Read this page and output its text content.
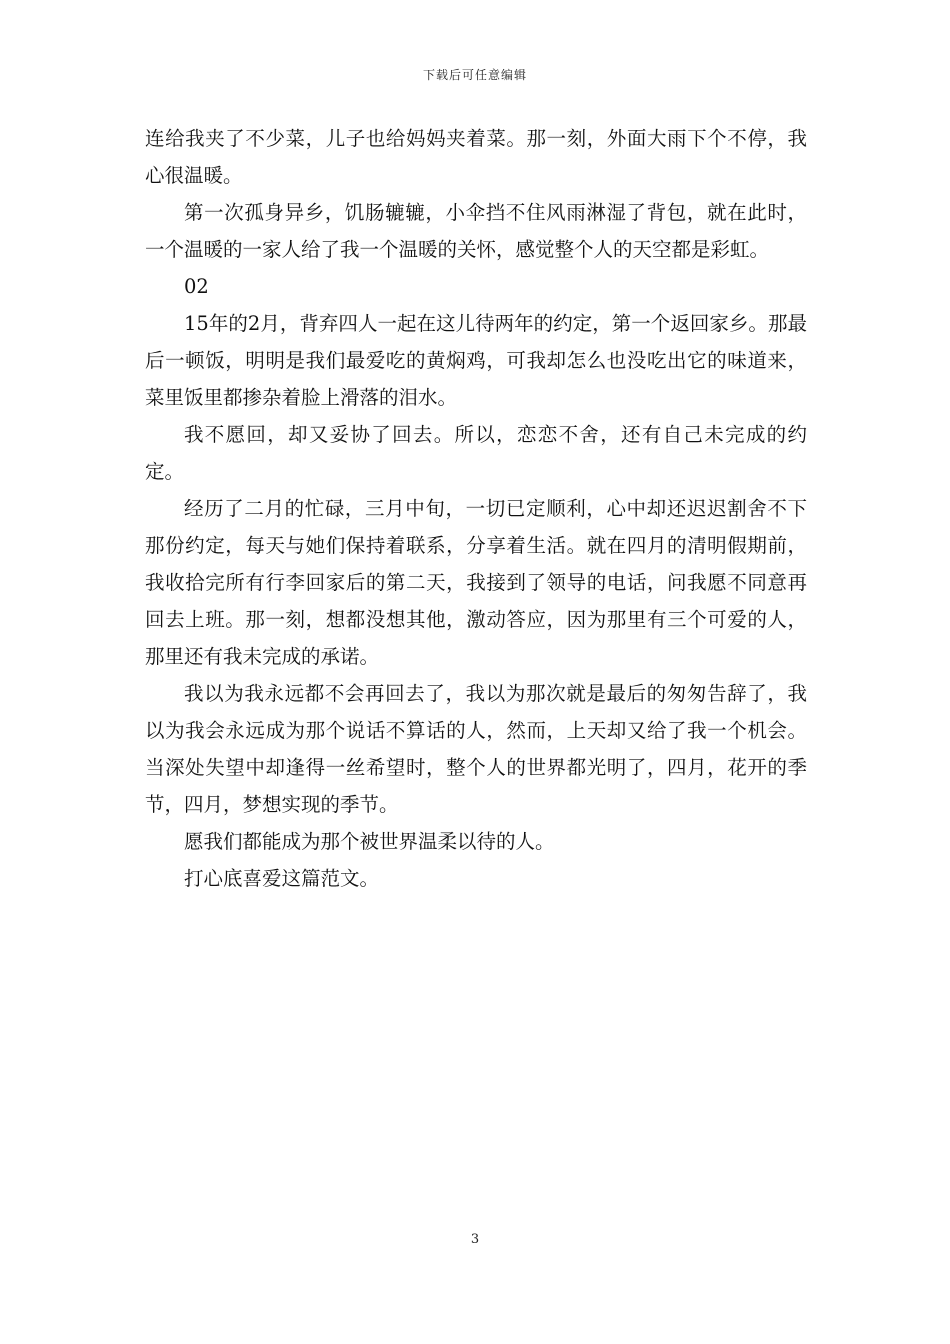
下载后可任意编辑

连给我夹了不少菜，儿子也给妈妈夹着菜。那一刻，外面大雨下个不停，我心很温暖。

第一次孤身异乡，饥肠辘辘，小伞挡不住风雨淋湿了背包，就在此时，一个温暖的一家人给了我一个温暖的关怀，感觉整个人的天空都是彩虹。

02

15年的2月，背弃四人一起在这儿待两年的约定，第一个返回家乡。那最后一顿饭，明明是我们最爱吃的黄焖鸡，可我却怎么也没吃出它的味道来，菜里饭里都掺杂着脸上滑落的泪水。

我不愿回，却又妥协了回去。所以，恋恋不舍，还有自己未完成的约定。

经历了二月的忙碌，三月中旬，一切已定顺利，心中却还迟迟割舍不下那份约定，每天与她们保持着联系，分享着生活。就在四月的清明假期前，我收拾完所有行李回家后的第二天，我接到了领导的电话，问我愿不同意再回去上班。那一刻，想都没想其他，激动答应，因为那里有三个可爱的人，那里还有我未完成的承诺。

我以为我永远都不会再回去了，我以为那次就是最后的匆匆告辞了，我以为我会永远成为那个说话不算话的人，然而，上天却又给了我一个机会。当深处失望中却逢得一丝希望时，整个人的世界都光明了，四月，花开的季节，四月，梦想实现的季节。

愿我们都能成为那个被世界温柔以待的人。

打心底喜爱这篇范文。

3
